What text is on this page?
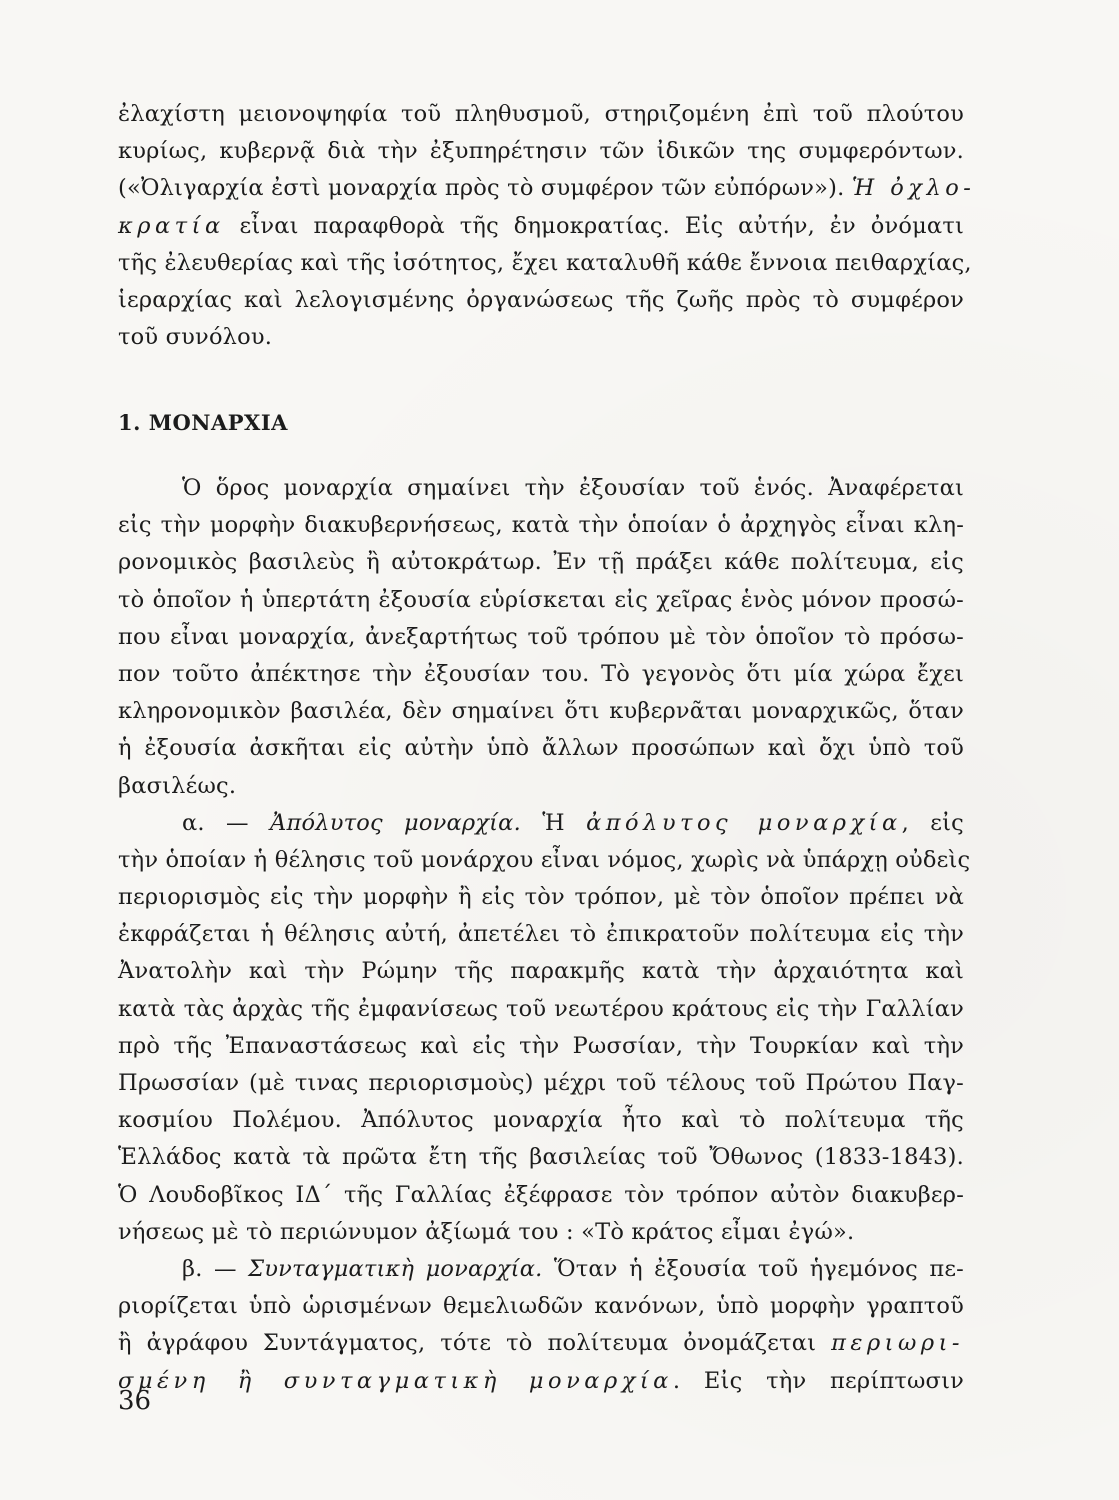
ἐλαχίστη μειονοψηφία τοῦ πληθυσμοῦ, στηριζομένη ἐπὶ τοῦ πλούτου
κυρίως, κυβερνᾷ διὰ τὴν ἐξυπηρέτησιν τῶν ἰδικῶν της συμφερόντων.
(«Ὀλιγαρχία ἐστὶ μοναρχία πρὸς τὸ συμφέρον τῶν εὐπόρων»). Ἡ ὀχλο-
κρατία εἶναι παραφθορὰ τῆς δημοκρατίας. Εἰς αὐτήν, ἐν ὀνόματι
τῆς ἐλευθερίας καὶ τῆς ἰσότητος, ἔχει καταλυθῆ κάθε ἔννοια πειθαρχίας,
ἱεραρχίας καὶ λελογισμένης ὀργανώσεως τῆς ζωῆς πρὸς τὸ συμφέρον
τοῦ συνόλου.
1. ΜΟΝΑΡΧΙΑ
Ὁ ὅρος μοναρχία σημαίνει τὴν ἐξουσίαν τοῦ ἑνός. Ἀναφέρεται
εἰς τὴν μορφὴν διακυβερνήσεως, κατὰ τὴν ὁποίαν ὁ ἀρχηγὸς εἶναι κλη-
ρονομικὸς βασιλεὺς ἢ αὐτοκράτωρ. Ἐν τῇ πράξει κάθε πολίτευμα, εἰς
τὸ ὁποῖον ἡ ὑπερτάτη ἐξουσία εὑρίσκεται εἰς χεῖρας ἑνὸς μόνον προσώ-
που εἶναι μοναρχία, ἀνεξαρτήτως τοῦ τρόπου μὲ τὸν ὁποῖον τὸ πρόσω-
πον τοῦτο ἀπέκτησε τὴν ἐξουσίαν του. Τὸ γεγονὸς ὅτι μία χώρα ἔχει
κληρονομικὸν βασιλέα, δὲν σημαίνει ὅτι κυβερνᾶται μοναρχικῶς, ὅταν
ἡ ἐξουσία ἀσκῆται εἰς αὐτὴν ὑπὸ ἄλλων προσώπων καὶ ὄχι ὑπὸ τοῦ
βασιλέως.
α. — Ἀπόλυτος μοναρχία. Ἡ ἀπόλυτος μοναρχία, εἰς
τὴν ὁποίαν ἡ θέλησις τοῦ μονάρχου εἶναι νόμος, χωρὶς νὰ ὑπάρχῃ οὐδεὶς
περιορισμὸς εἰς τὴν μορφὴν ἢ εἰς τὸν τρόπον, μὲ τὸν ὁποῖον πρέπει νὰ
ἐκφράζεται ἡ θέλησις αὐτή, ἀπετέλει τὸ ἐπικρατοῦν πολίτευμα εἰς τὴν
Ἀνατολὴν καὶ τὴν Ρώμην τῆς παρακμῆς κατὰ τὴν ἀρχαιότητα καὶ
κατὰ τὰς ἀρχὰς τῆς ἐμφανίσεως τοῦ νεωτέρου κράτους εἰς τὴν Γαλλίαν
πρὸ τῆς Ἐπαναστάσεως καὶ εἰς τὴν Ρωσσίαν, τὴν Τουρκίαν καὶ τὴν
Πρωσσίαν (μὲ τινας περιορισμοὺς) μέχρι τοῦ τέλους τοῦ Πρώτου Παγ-
κοσμίου Πολέμου. Ἀπόλυτος μοναρχία ἦτο καὶ τὸ πολίτευμα τῆς
Ἑλλάδος κατὰ τὰ πρῶτα ἔτη τῆς βασιλείας τοῦ Ὄθωνος (1833-1843).
Ὁ Λουδοβῖκος ΙΔ΄ τῆς Γαλλίας ἐξέφρασε τὸν τρόπον αὐτὸν διακυβερ-
νήσεως μὲ τὸ περιώνυμον ἀξίωμά του : «Τὸ κράτος εἶμαι ἐγώ».
β. — Συνταγματικὴ μοναρχία. Ὅταν ἡ ἐξουσία τοῦ ἡγεμόνος πε-
ριορίζεται ὑπὸ ὡρισμένων θεμελιωδῶν κανόνων, ὑπὸ μορφὴν γραπτοῦ
ἢ ἀγράφου Συντάγματος, τότε τὸ πολίτευμα ὀνομάζεται περιωρι-
σμένη ἢ συνταγματικὴ μοναρχία. Εἰς τὴν περίπτωσιν
36
